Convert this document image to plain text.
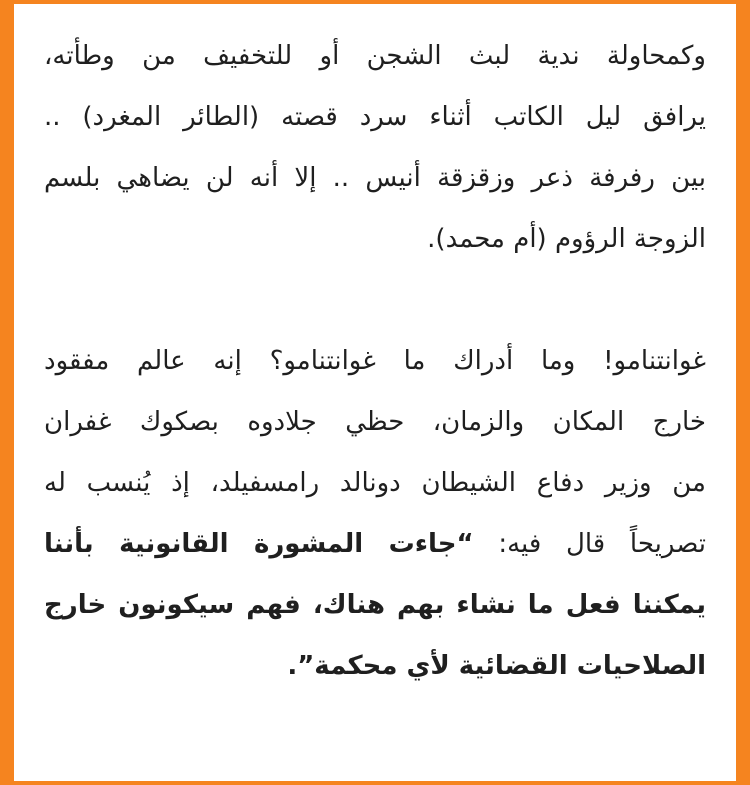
وكمحاولة ندية لبث الشجن أو للتخفيف من وطأته،
يرافق ليل الكاتب أثناء سرد قصته (الطائر المغرد) ..
بين رفرفة ذعر وزقزقة أنيس .. إلا أنه لن يضاهي بلسم
الزوجة الرؤوم (أم محمد).

غوانتنامو! وما أدراك ما غوانتنامو؟ إنه عالم مفقود
خارج المكان والزمان، حظي جلادوه بصكوك غفران
من وزير دفاع الشيطان دونالد رامسفيلد، إذ يُنسب له
تصريحاً قال فيه: “جاءت المشورة القانونية بأننا
يمكننا فعل ما نشاء بهم هناك، فهم سيكونون خارج
الصلاحيات القضائية لأي محكمة”.
